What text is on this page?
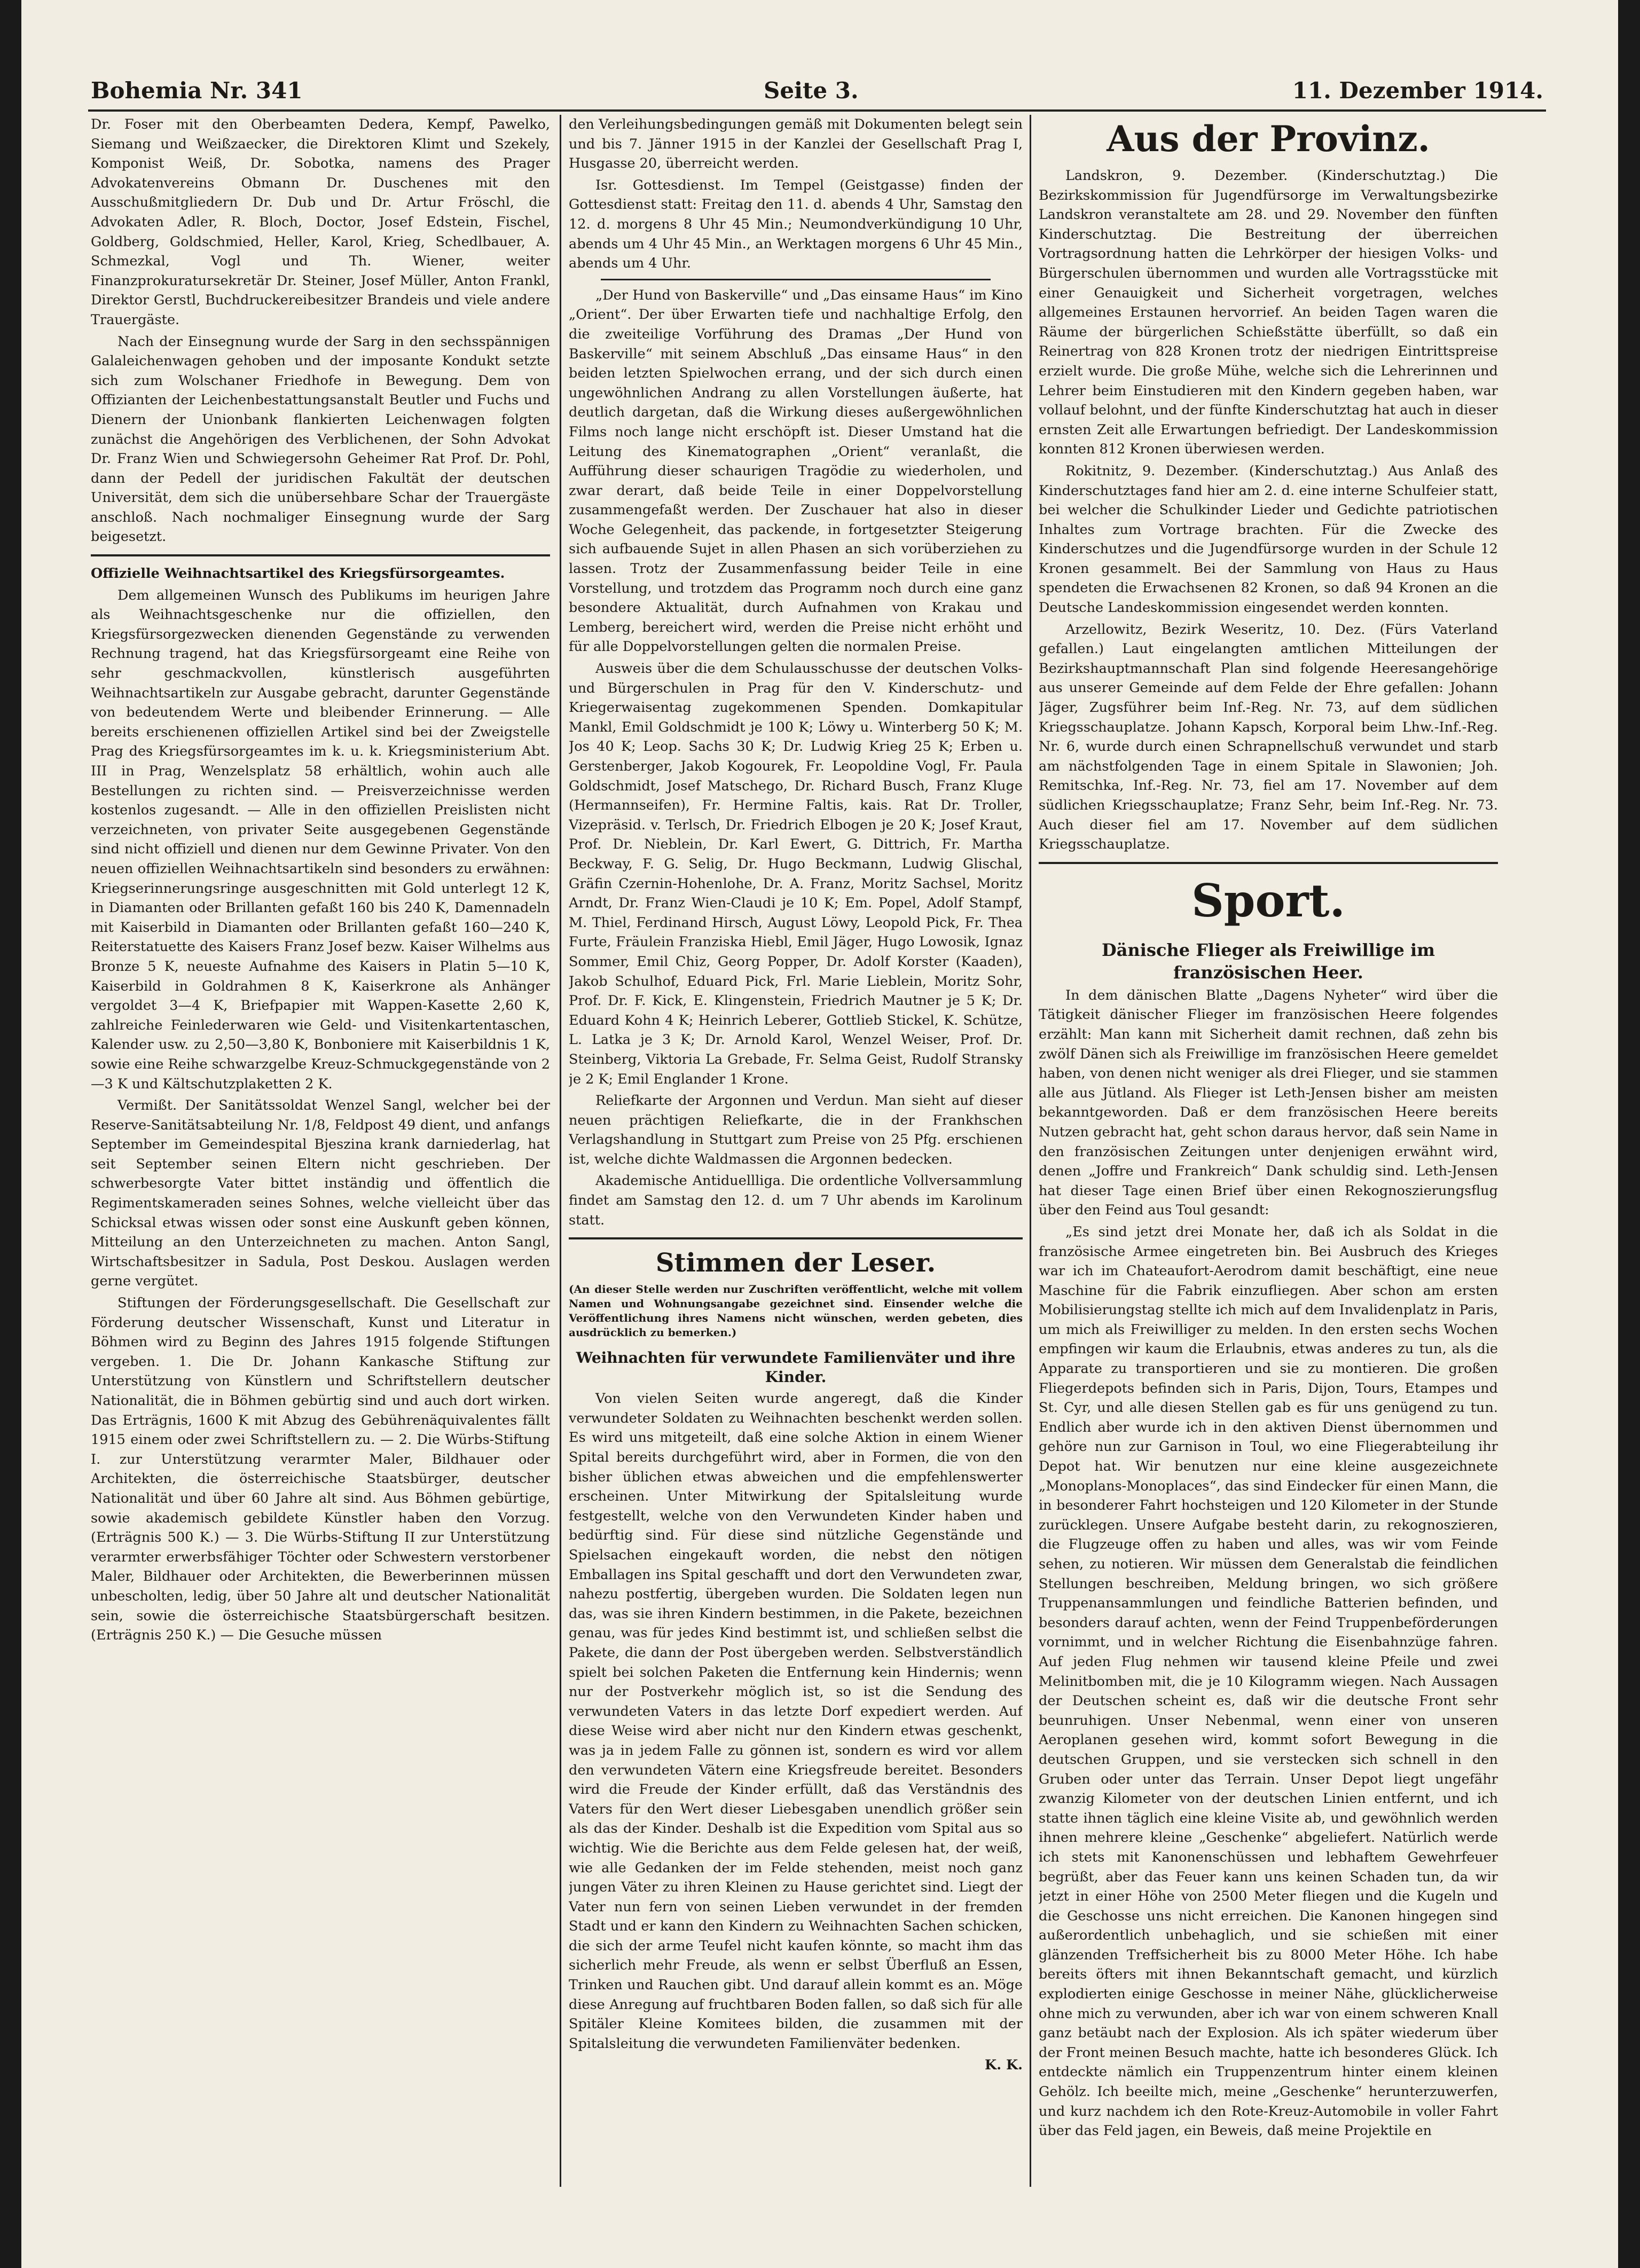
Bohemia Nr. 341	Seite 3.	11. Dezember 1914.

Dr. Foser mit den Oberbeamten Dedera, Kempf, Pawelko, Siemang und Weißzaecker, die Direktoren Klimt und Szekely, Komponist Weiß, Dr. Sobotka, namens des Prager Advokatenvereins Obmann Dr. Duschenes mit den Ausschußmitgliedern Dr. Dub und Dr. Artur Fröschl, die Advokaten Adler, R. Bloch, Doctor, Josef Edstein, Fischel, Goldberg, Goldschmied, Heller, Karol, Krieg, Schedlbauer, A. Schmezkal, Vogl und Th. Wiener, weiter Finanzprokuratursekretär Dr. Steiner, Josef Müller, Anton Frankl, Direktor Gerstl, Buchdruckereibesitzer Brandeis und viele andere Trauergäste.

Nach der Einsegnung wurde der Sarg in den sechsspännigen Galaleichenwagen gehoben und der imposante Kondukt setzte sich zum Wolschaner Friedhofe in Bewegung. Dem von Offizianten der Leichenbestattungsanstalt Beutler und Fuchs und Dienern der Unionbank flankierten Leichenwagen folgten zunächst die Angehörigen des Verblichenen, der Sohn Advokat Dr. Franz Wien und Schwiegersohn Geheimer Rat Prof. Dr. Pohl, dann der Pedell der juridischen Fakultät der deutschen Universität, dem sich die unübersehbare Schar der Trauergäste anschloß. Nach nochmaliger Einsegnung wurde der Sarg beigesetzt.

Offizielle Weihnachtsartikel des Kriegsfürsorgeamtes.

Dem allgemeinen Wunsch des Publikums im heurigen Jahre als Weihnachtsgeschenke nur die offiziellen, den Kriegsfürsorgezwecken dienenden Gegenstände zu verwenden Rechnung tragend, hat das Kriegsfürsorgeamt eine Reihe von sehr geschmackvollen, künstlerisch ausgeführten Weihnachtsartikeln zur Ausgabe gebracht, darunter Gegenstände von bedeutendem Werte und bleibender Erinnerung. — Alle bereits erschienenen offiziellen Artikel sind bei der Zweigstelle Prag des Kriegsfürsorgeamtes im k. u. k. Kriegsministerium Abt. III in Prag, Wenzelsplatz 58 erhältlich, wohin auch alle Bestellungen zu richten sind. — Preisverzeichnisse werden kostenlos zugesandt. — Alle in den offiziellen Preislisten nicht verzeichneten, von privater Seite ausgegebenen Gegenstände sind nicht offiziell und dienen nur dem Gewinne Privater. Von den neuen offiziellen Weihnachtsartikeln sind besonders zu erwähnen: Kriegserinnerungsringe ausgeschnitten mit Gold unterlegt 12 K, in Diamanten oder Brillanten gefaßt 160 bis 240 K, Damennadeln mit Kaiserbild in Diamanten oder Brillanten gefaßt 160—240 K, Reiterstatuette des Kaisers Franz Josef bezw. Kaiser Wilhelms aus Bronze 5 K, neueste Aufnahme des Kaisers in Platin 5—10 K, Kaiserbild in Goldrahmen 8 K, Kaiserkrone als Anhänger vergoldet 3—4 K, Briefpapier mit Wappen-Kasette 2,60 K, zahlreiche Feinlederwaren wie Geld- und Visitenkartentaschen, Kalender usw. zu 2,50—3,80 K, Bonboniere mit Kaiserbildnis 1 K, sowie eine Reihe schwarzgelbe Kreuz-Schmuckgegenstände von 2—3 K und Kältschutzplaketten 2 K.

Vermißt. Der Sanitätssoldat Wenzel Sangl, welcher bei der Reserve-Sanitätsabteilung Nr. 1/8, Feldpost 49 dient, und anfangs September im Gemeindespital Bjeszina krank darniederlag, hat seit September seinen Eltern nicht geschrieben. Der schwerbesorgte Vater bittet inständig und öffentlich die Regimentskameraden seines Sohnes, welche vielleicht über das Schicksal etwas wissen oder sonst eine Auskunft geben können, Mitteilung an den Unterzeichneten zu machen. Anton Sangl, Wirtschaftsbesitzer in Sadula, Post Deskou. Auslagen werden gerne vergütet.

Stiftungen der Förderungsgesellschaft. Die Gesellschaft zur Förderung deutscher Wissenschaft, Kunst und Literatur in Böhmen wird zu Beginn des Jahres 1915 folgende Stiftungen vergeben. 1. Die Dr. Johann Kankasche Stiftung zur Unterstützung von Künstlern und Schriftstellern deutscher Nationalität, die in Böhmen gebürtig sind und auch dort wirken. Das Erträgnis, 1600 K mit Abzug des Gebührenäquivalentes fällt 1915 einem oder zwei Schriftstellern zu. — 2. Die Würbs-Stiftung I. zur Unterstützung verarmter Maler, Bildhauer oder Architekten, die österreichische Staatsbürger, deutscher Nationalität und über 60 Jahre alt sind. Aus Böhmen gebürtige, sowie akademisch gebildete Künstler haben den Vorzug. (Erträgnis 500 K.) — 3. Die Würbs-Stiftung II zur Unterstützung verarmter erwerbsfähiger Töchter oder Schwestern verstorbener Maler, Bildhauer oder Architekten, die Bewerberinnen müssen unbescholten, ledig, über 50 Jahre alt und deutscher Nationalität sein, sowie die österreichische Staatsbürgerschaft besitzen. (Erträgnis 250 K.) — Die Gesuche müssen

den Verleihungsbedingungen gemäß mit Dokumenten belegt sein und bis 7. Jänner 1915 in der Kanzlei der Gesellschaft Prag I, Husgasse 20, überreicht werden.

Isr. Gottesdienst. Im Tempel (Geistgasse) finden der Gottesdienst statt: Freitag den 11. d. abends 4 Uhr, Samstag den 12. d. morgens 8 Uhr 45 Min.; Neumondverkündigung 10 Uhr, abends um 4 Uhr 45 Min., an Werktagen morgens 6 Uhr 45 Min., abends um 4 Uhr.

„Der Hund von Baskerville“ und „Das einsame Haus“ im Kino „Orient“. Der über Erwarten tiefe und nachhaltige Erfolg, den die zweiteilige Vorführung des Dramas „Der Hund von Baskerville“ mit seinem Abschluß „Das einsame Haus“ in den beiden letzten Spielwochen errang, und der sich durch einen ungewöhnlichen Andrang zu allen Vorstellungen äußerte, hat deutlich dargetan, daß die Wirkung dieses außergewöhnlichen Films noch lange nicht erschöpft ist. Dieser Umstand hat die Leitung des Kinematographen „Orient“ veranlaßt, die Aufführung dieser schaurigen Tragödie zu wiederholen, und zwar derart, daß beide Teile in einer Doppelvorstellung zusammengefaßt werden. Der Zuschauer hat also in dieser Woche Gelegenheit, das packende, in fortgesetzter Steigerung sich aufbauende Sujet in allen Phasen an sich vorüberziehen zu lassen. Trotz der Zusammenfassung beider Teile in eine Vorstellung, und trotzdem das Programm noch durch eine ganz besondere Aktualität, durch Aufnahmen von Krakau und Lemberg, bereichert wird, werden die Preise nicht erhöht und für alle Doppelvorstellungen gelten die normalen Preise.

Ausweis über die dem Schulausschusse der deutschen Volks- und Bürgerschulen in Prag für den V. Kinderschutz- und Kriegerwaisentag zugekommenen Spenden. Domkapitular Mankl, Emil Goldschmidt je 100 K; Löwy u. Winterberg 50 K; M. Jos 40 K; Leop. Sachs 30 K; Dr. Ludwig Krieg 25 K; Erben u. Gerstenberger, Jakob Kogourek, Fr. Leopoldine Vogl, Fr. Paula Goldschmidt, Josef Matschego, Dr. Richard Busch, Franz Kluge (Hermannseifen), Fr. Hermine Faltis, kais. Rat Dr. Troller, Vizepräsid. v. Terlsch, Dr. Friedrich Elbogen je 20 K; Josef Kraut, Prof. Dr. Nieblein, Dr. Karl Ewert, G. Dittrich, Fr. Martha Beckway, F. G. Selig, Dr. Hugo Beckmann, Ludwig Glischal, Gräfin Czernin-Hohenlohe, Dr. A. Franz, Moritz Sachsel, Moritz Arndt, Dr. Franz Wien-Claudi je 10 K; Em. Popel, Adolf Stampf, M. Thiel, Ferdinand Hirsch, August Löwy, Leopold Pick, Fr. Thea Furte, Fräulein Franziska Hiebl, Emil Jäger, Hugo Lowosik, Ignaz Sommer, Emil Chiz, Georg Popper, Dr. Adolf Korster (Kaaden), Jakob Schulhof, Eduard Pick, Frl. Marie Lieblein, Moritz Sohr, Prof. Dr. F. Kick, E. Klingenstein, Friedrich Mautner je 5 K; Dr. Eduard Kohn 4 K; Heinrich Leberer, Gottlieb Stickel, K. Schütze, L. Latka je 3 K; Dr. Arnold Karol, Wenzel Weiser, Prof. Dr. Steinberg, Viktoria La Grebade, Fr. Selma Geist, Rudolf Stransky je 2 K; Emil Englander 1 Krone.

Reliefkarte der Argonnen und Verdun. Man sieht auf dieser neuen prächtigen Reliefkarte, die in der Frankhschen Verlagshandlung in Stuttgart zum Preise von 25 Pfg. erschienen ist, welche dichte Waldmassen die Argonnen bedecken.

Akademische Antiduellliga. Die ordentliche Vollversammlung findet am Samstag den 12. d. um 7 Uhr abends im Karolinum statt.

Stimmen der Leser.
(An dieser Stelle werden nur Zuschriften veröffentlicht, welche mit vollem Namen und Wohnungsangabe gezeichnet sind. Einsender welche die Veröffentlichung ihres Namens nicht wünschen, werden gebeten, dies ausdrücklich zu bemerken.)
Weihnachten für verwundete Familienväter und ihre Kinder.

Von vielen Seiten wurde angeregt, daß die Kinder verwundeter Soldaten zu Weihnachten beschenkt werden sollen. Es wird uns mitgeteilt, daß eine solche Aktion in einem Wiener Spital bereits durchgeführt wird, aber in Formen, die von den bisher üblichen etwas abweichen und die empfehlenswerter erscheinen. Unter Mitwirkung der Spitalsleitung wurde festgestellt, welche von den Verwundeten Kinder haben und bedürftig sind. Für diese sind nützliche Gegenstände und Spielsachen eingekauft worden, die nebst den nötigen Emballagen ins Spital geschafft und dort den Verwundeten zwar, nahezu postfertig, übergeben wurden. Die Soldaten legen nun das, was sie ihren Kindern bestimmen, in die Pakete, bezeichnen genau, was für jedes Kind bestimmt ist, und schließen selbst die Pakete, die dann der Post übergeben werden. Selbstverständlich spielt bei solchen Paketen die Entfernung kein Hindernis; wenn nur der Postverkehr möglich ist, so ist die Sendung des verwundeten Vaters in das letzte Dorf expediert werden. Auf diese Weise wird aber nicht nur den Kindern etwas geschenkt, was ja in jedem Falle zu gönnen ist, sondern es wird vor allem den verwundeten Vätern eine Kriegsfreude bereitet. Besonders wird die Freude der Kinder erfüllt, daß das Verständnis des Vaters für den Wert dieser Liebesgaben unendlich größer sein als das der Kinder. Deshalb ist die Expedition vom Spital aus so wichtig. Wie die Berichte aus dem Felde gelesen hat, der weiß, wie alle Gedanken der im Felde stehenden, meist noch ganz jungen Väter zu ihren Kleinen zu Hause gerichtet sind. Liegt der Vater nun fern von seinen Lieben verwundet in der fremden Stadt und er kann den Kindern zu Weihnachten Sachen schicken, die sich der arme Teufel nicht kaufen könnte, so macht ihm das sicherlich mehr Freude, als wenn er selbst Überfluß an Essen, Trinken und Rauchen gibt. Und darauf allein kommt es an. Möge diese Anregung auf fruchtbaren Boden fallen, so daß sich für alle Spitäler Kleine Komitees bilden, die zusammen mit der Spitalsleitung die verwundeten Familienväter bedenken.

K. K.
Aus der Provinz.

Landskron, 9. Dezember. (Kinderschutztag.) Die Bezirkskommission für Jugendfürsorge im Verwaltungsbezirke Landskron veranstaltete am 28. und 29. November den fünften Kinderschutztag. Die Bestreitung der überreichen Vortragsordnung hatten die Lehrkörper der hiesigen Volks- und Bürgerschulen übernommen und wurden alle Vortragsstücke mit einer Genauigkeit und Sicherheit vorgetragen, welches allgemeines Erstaunen hervorrief. An beiden Tagen waren die Räume der bürgerlichen Schießstätte überfüllt, so daß ein Reinertrag von 828 Kronen trotz der niedrigen Eintrittspreise erzielt wurde. Die große Mühe, welche sich die Lehrerinnen und Lehrer beim Einstudieren mit den Kindern gegeben haben, war vollauf belohnt, und der fünfte Kinderschutztag hat auch in dieser ernsten Zeit alle Erwartungen befriedigt. Der Landeskommission konnten 812 Kronen überwiesen werden.

Rokitnitz, 9. Dezember. (Kinderschutztag.) Aus Anlaß des Kinderschutztages fand hier am 2. d. eine interne Schulfeier statt, bei welcher die Schulkinder Lieder und Gedichte patriotischen Inhaltes zum Vortrage brachten. Für die Zwecke des Kinderschutzes und die Jugendfürsorge wurden in der Schule 12 Kronen gesammelt. Bei der Sammlung von Haus zu Haus spendeten die Erwachsenen 82 Kronen, so daß 94 Kronen an die Deutsche Landeskommission eingesendet werden konnten.

Arzellowitz, Bezirk Weseritz, 10. Dez. (Fürs Vaterland gefallen.) Laut eingelangten amtlichen Mitteilungen der Bezirkshauptmannschaft Plan sind folgende Heeresangehörige aus unserer Gemeinde auf dem Felde der Ehre gefallen: Johann Jäger, Zugsführer beim Inf.-Reg. Nr. 73, auf dem südlichen Kriegsschauplatze. Johann Kapsch, Korporal beim Lhw.-Inf.-Reg. Nr. 6, wurde durch einen Schrapnellschuß verwundet und starb am nächstfolgenden Tage in einem Spitale in Slawonien; Joh. Remitschka, Inf.-Reg. Nr. 73, fiel am 17. November auf dem südlichen Kriegsschauplatze; Franz Sehr, beim Inf.-Reg. Nr. 73. Auch dieser fiel am 17. November auf dem südlichen Kriegsschauplatze.

Sport.
Dänische Flieger als Freiwillige im französischen Heer.

In dem dänischen Blatte „Dagens Nyheter“ wird über die Tätigkeit dänischer Flieger im französischen Heere folgendes erzählt: Man kann mit Sicherheit damit rechnen, daß zehn bis zwölf Dänen sich als Freiwillige im französischen Heere gemeldet haben, von denen nicht weniger als drei Flieger, und sie stammen alle aus Jütland. Als Flieger ist Leth-Jensen bisher am meisten bekanntgeworden. Daß er dem französischen Heere bereits Nutzen gebracht hat, geht schon daraus hervor, daß sein Name in den französischen Zeitungen unter denjenigen erwähnt wird, denen „Joffre und Frankreich“ Dank schuldig sind. Leth-Jensen hat dieser Tage einen Brief über einen Rekognoszierungsflug über den Feind aus Toul gesandt:

„Es sind jetzt drei Monate her, daß ich als Soldat in die französische Armee eingetreten bin. Bei Ausbruch des Krieges war ich im Chateaufort-Aerodrom damit beschäftigt, eine neue Maschine für die Fabrik einzufliegen. Aber schon am ersten Mobilisierungstag stellte ich mich auf dem Invalidenplatz in Paris, um mich als Freiwilliger zu melden. In den ersten sechs Wochen empfingen wir kaum die Erlaubnis, etwas anderes zu tun, als die Apparate zu transportieren und sie zu montieren. Die großen Fliegerdepots befinden sich in Paris, Dijon, Tours, Etampes und St. Cyr, und alle diesen Stellen gab es für uns genügend zu tun. Endlich aber wurde ich in den aktiven Dienst übernommen und gehöre nun zur Garnison in Toul, wo eine Fliegerabteilung ihr Depot hat. Wir benutzen nur eine kleine ausgezeichnete „Monoplans-Monoplaces“, das sind Eindecker für einen Mann, die in besonderer Fahrt hochsteigen und 120 Kilometer in der Stunde zurücklegen. Unsere Aufgabe besteht darin, zu rekognoszieren, die Flugzeuge offen zu haben und alles, was wir vom Feinde sehen, zu notieren. Wir müssen dem Generalstab die feindlichen Stellungen beschreiben, Meldung bringen, wo sich größere Truppenansammlungen und feindliche Batterien befinden, und besonders darauf achten, wenn der Feind Truppenbeförderungen vornimmt, und in welcher Richtung die Eisenbahnzüge fahren. Auf jeden Flug nehmen wir tausend kleine Pfeile und zwei Melinitbomben mit, die je 10 Kilogramm wiegen. Nach Aussagen der Deutschen scheint es, daß wir die deutsche Front sehr beunruhigen. Unser Nebenmal, wenn einer von unseren Aeroplanen gesehen wird, kommt sofort Bewegung in die deutschen Gruppen, und sie verstecken sich schnell in den Gruben oder unter das Terrain. Unser Depot liegt ungefähr zwanzig Kilometer von der deutschen Linien entfernt, und ich statte ihnen täglich eine kleine Visite ab, und gewöhnlich werden ihnen mehrere kleine „Geschenke“ abgeliefert. Natürlich werde ich stets mit Kanonenschüssen und lebhaftem Gewehrfeuer begrüßt, aber das Feuer kann uns keinen Schaden tun, da wir jetzt in einer Höhe von 2500 Meter fliegen und die Kugeln und die Geschosse uns nicht erreichen. Die Kanonen hingegen sind außerordentlich unbehaglich, und sie schießen mit einer glänzenden Treffsicherheit bis zu 8000 Meter Höhe. Ich habe bereits öfters mit ihnen Bekanntschaft gemacht, und kürzlich explodierten einige Geschosse in meiner Nähe, glücklicherweise ohne mich zu verwunden, aber ich war von einem schweren Knall ganz betäubt nach der Explosion. Als ich später wiederum über der Front meinen Besuch machte, hatte ich besonderes Glück. Ich entdeckte nämlich ein Truppenzentrum hinter einem kleinen Gehölz. Ich beeilte mich, meine „Geschenke“ herunterzuwerfen, und kurz nachdem ich den Rote-Kreuz-Automobile in voller Fahrt über das Feld jagen, ein Beweis, daß meine Projektile en
